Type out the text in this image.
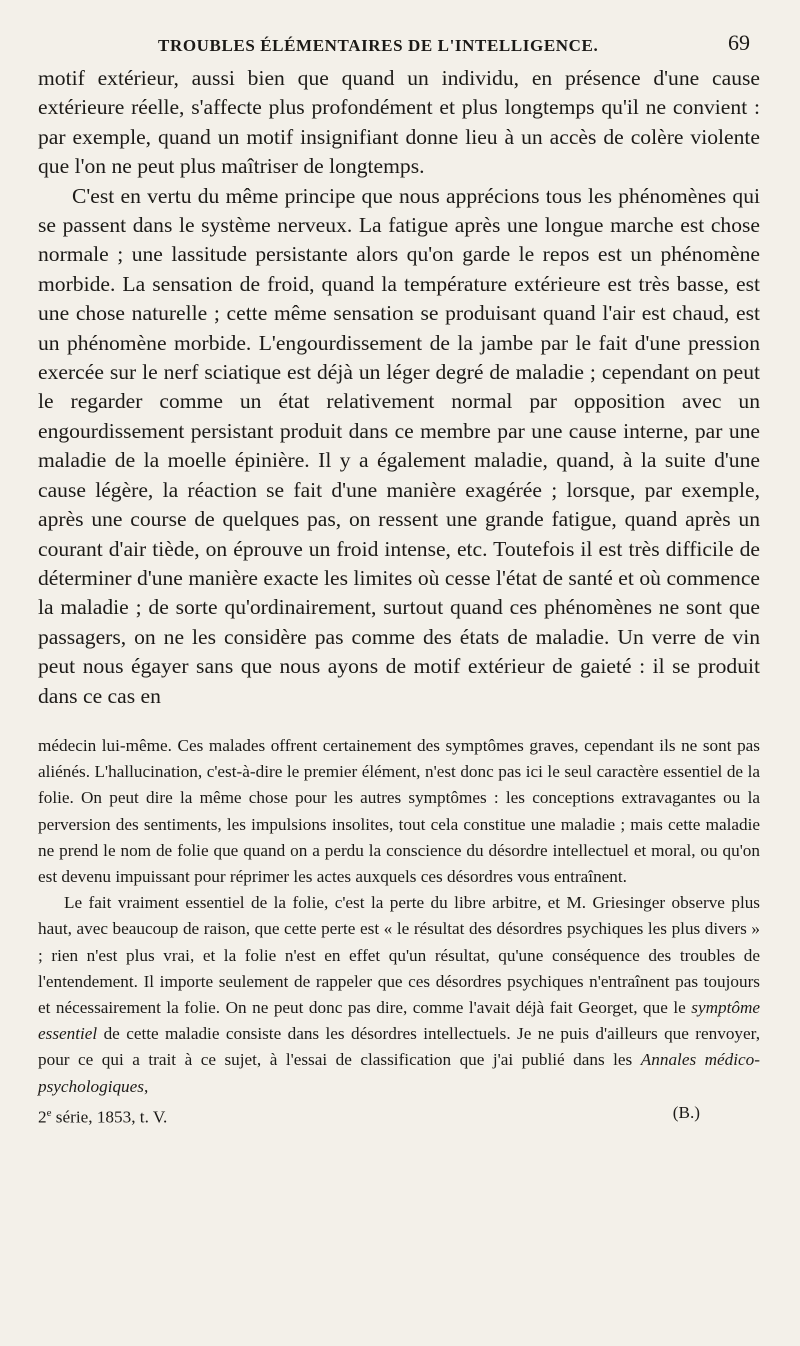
TROUBLES ÉLÉMENTAIRES DE L'INTELLIGENCE.	69

motif extérieur, aussi bien que quand un individu, en présence d'une cause extérieure réelle, s'affecte plus profondément et plus longtemps qu'il ne convient : par exemple, quand un motif insignifiant donne lieu à un accès de colère violente que l'on ne peut plus maîtriser de longtemps.

C'est en vertu du même principe que nous apprécions tous les phénomènes qui se passent dans le système nerveux. La fatigue après une longue marche est chose normale ; une lassitude persistante alors qu'on garde le repos est un phénomène morbide. La sensation de froid, quand la température extérieure est très basse, est une chose naturelle ; cette même sensation se produisant quand l'air est chaud, est un phénomène morbide. L'engourdissement de la jambe par le fait d'une pression exercée sur le nerf sciatique est déjà un léger degré de maladie ; cependant on peut le regarder comme un état relativement normal par opposition avec un engourdissement persistant produit dans ce membre par une cause interne, par une maladie de la moelle épinière. Il y a également maladie, quand, à la suite d'une cause légère, la réaction se fait d'une manière exagérée ; lorsque, par exemple, après une course de quelques pas, on ressent une grande fatigue, quand après un courant d'air tiède, on éprouve un froid intense, etc. Toutefois il est très difficile de déterminer d'une manière exacte les limites où cesse l'état de santé et où commence la maladie ; de sorte qu'ordinairement, surtout quand ces phénomènes ne sont que passagers, on ne les considère pas comme des états de maladie. Un verre de vin peut nous égayer sans que nous ayons de motif extérieur de gaieté : il se produit dans ce cas en

médecin lui-même. Ces malades offrent certainement des symptômes graves, cependant ils ne sont pas aliénés. L'hallucination, c'est-à-dire le premier élément, n'est donc pas ici le seul caractère essentiel de la folie. On peut dire la même chose pour les autres symptômes : les conceptions extravagantes ou la perversion des sentiments, les impulsions insolites, tout cela constitue une maladie ; mais cette maladie ne prend le nom de folie que quand on a perdu la conscience du désordre intellectuel et moral, ou qu'on est devenu impuissant pour réprimer les actes auxquels ces désordres vous entraînent.

Le fait vraiment essentiel de la folie, c'est la perte du libre arbitre, et M. Griesinger observe plus haut, avec beaucoup de raison, que cette perte est « le résultat des désordres psychiques les plus divers » ; rien n'est plus vrai, et la folie n'est en effet qu'un résultat, qu'une conséquence des troubles de l'entendement. Il importe seulement de rappeler que ces désordres psychiques n'entraînent pas toujours et nécessairement la folie. On ne peut donc pas dire, comme l'avait déjà fait Georget, que le symptôme essentiel de cette maladie consiste dans les désordres intellectuels. Je ne puis d'ailleurs que renvoyer, pour ce qui a trait à ce sujet, à l'essai de classification que j'ai publié dans les Annales médico-psychologiques,

2e série, 1853, t. V.	(B.)
